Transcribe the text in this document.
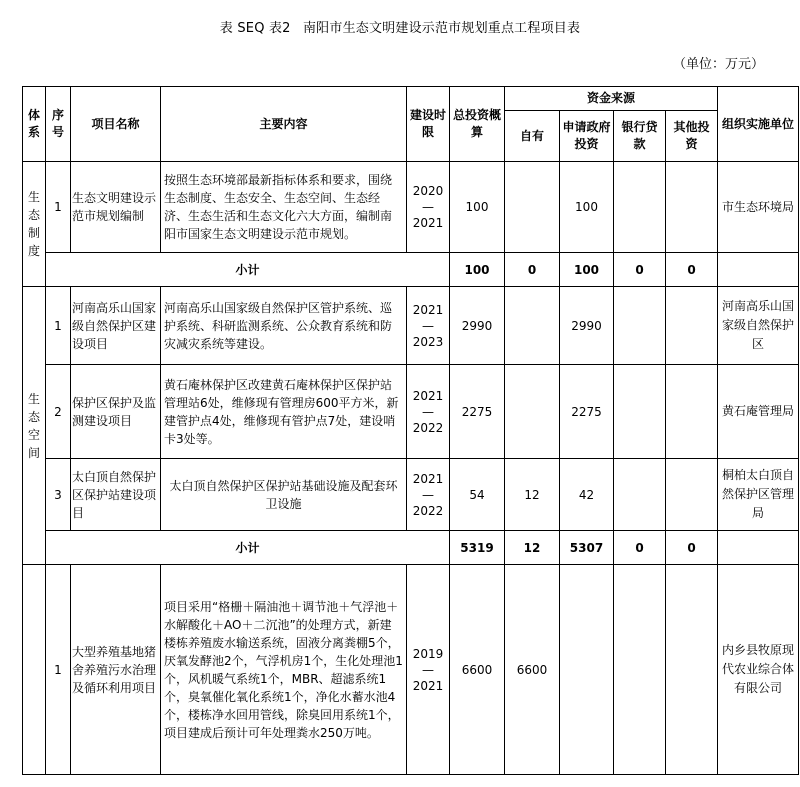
表 SEQ 表2 南阳市生态文明建设示范市规划重点工程项目表
（单位：万元）
体系	序号	项目名称	主要内容	建设时限	总投资概算	资金来源				组织实施单位
						自有	申请政府投资	银行贷款	其他投资	
生态制度	1	生态文明建设示范市规划编制	按照生态环境部最新指标体系和要求，围绕生态制度、生态安全、生态空间、生态经济、生态生活和生态文化六大方面，编制南阳市国家生态文明建设示范市规划。	2020—2021	100		100			市生态环境局
	小计				100	0	100	0	0	
生态空间	1	河南高乐山国家级自然保护区建设项目	河南高乐山国家级自然保护区管护系统、巡护系统、科研监测系统、公众教育系统和防灾减灾系统等建设。	2021—2023	2990		2990			河南高乐山国家级自然保护区
	2	保护区保护及监测建设项目	黄石庵林保护区改建黄石庵林保护区保护站管理站6处，维修现有管理房600平方米，新建管护点4处，维修现有管护点7处，建设哨卡3处等。	2021—2022	2275		2275			黄石庵管理局
	3	太白顶自然保护区保护站建设项目	太白顶自然保护区保护站基础设施及配套环卫设施	2021—2022	54	12	42			桐柏太白顶自然保护区管理局
	小计				5319	12	5307	0	0	
	1	大型养殖基地猪舍养殖污水治理及循环利用项目	项目采用“格栅＋隔油池＋调节池＋气浮池＋水解酸化＋AO＋二沉池”的处理方式，新建楼栋养殖废水输送系统，固液分离粪棚5个，厌氧发酵池2个，气浮机房1个，生化处理池1个，风机暖气系统1个，MBR、超滤系统1个，臭氧催化氧化系统1个，净化水蓄水池4个，楼栋净水回用管线，除臭回用系统1个，项目建成后预计可年处理粪水250万吨。	2019—2021	6600	6600				内乡县牧原现代农业综合体有限公司
